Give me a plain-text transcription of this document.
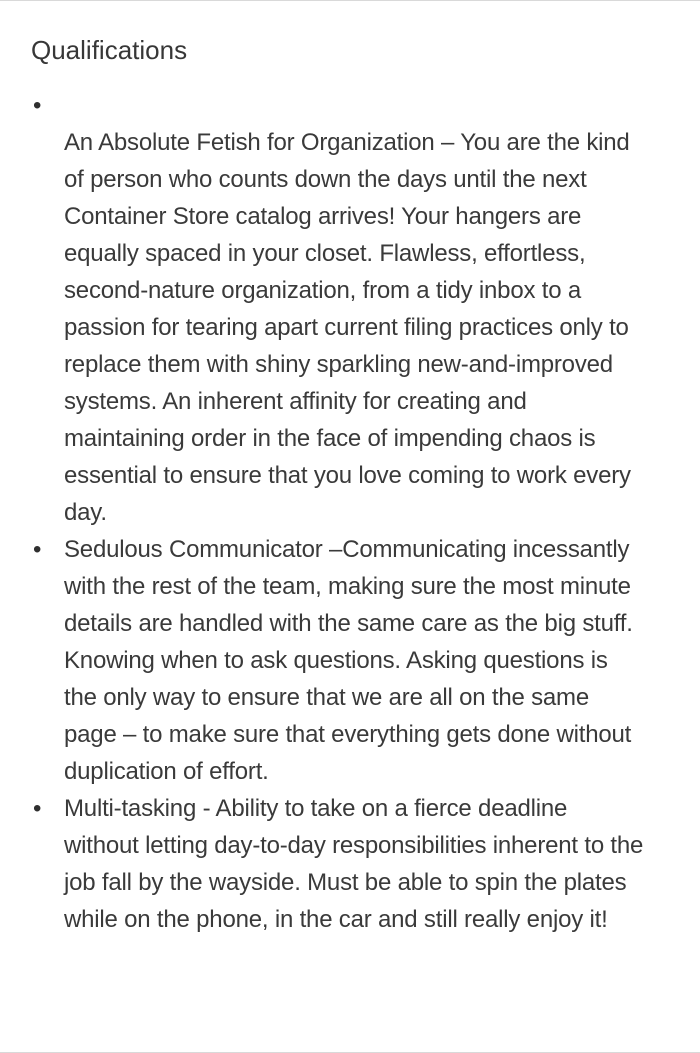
Qualifications
•

An Absolute Fetish for Organization – You are the kind of person who counts down the days until the next Container Store catalog arrives! Your hangers are equally spaced in your closet. Flawless, effortless, second-nature organization, from a tidy inbox to a passion for tearing apart current filing practices only to replace them with shiny sparkling new-and-improved systems. An inherent affinity for creating and maintaining order in the face of impending chaos is essential to ensure that you love coming to work every day.

• Sedulous Communicator –Communicating incessantly with the rest of the team, making sure the most minute details are handled with the same care as the big stuff. Knowing when to ask questions. Asking questions is the only way to ensure that we are all on the same page – to make sure that everything gets done without duplication of effort.

• Multi-tasking - Ability to take on a fierce deadline without letting day-to-day responsibilities inherent to the job fall by the wayside. Must be able to spin the plates while on the phone, in the car and still really enjoy it!
